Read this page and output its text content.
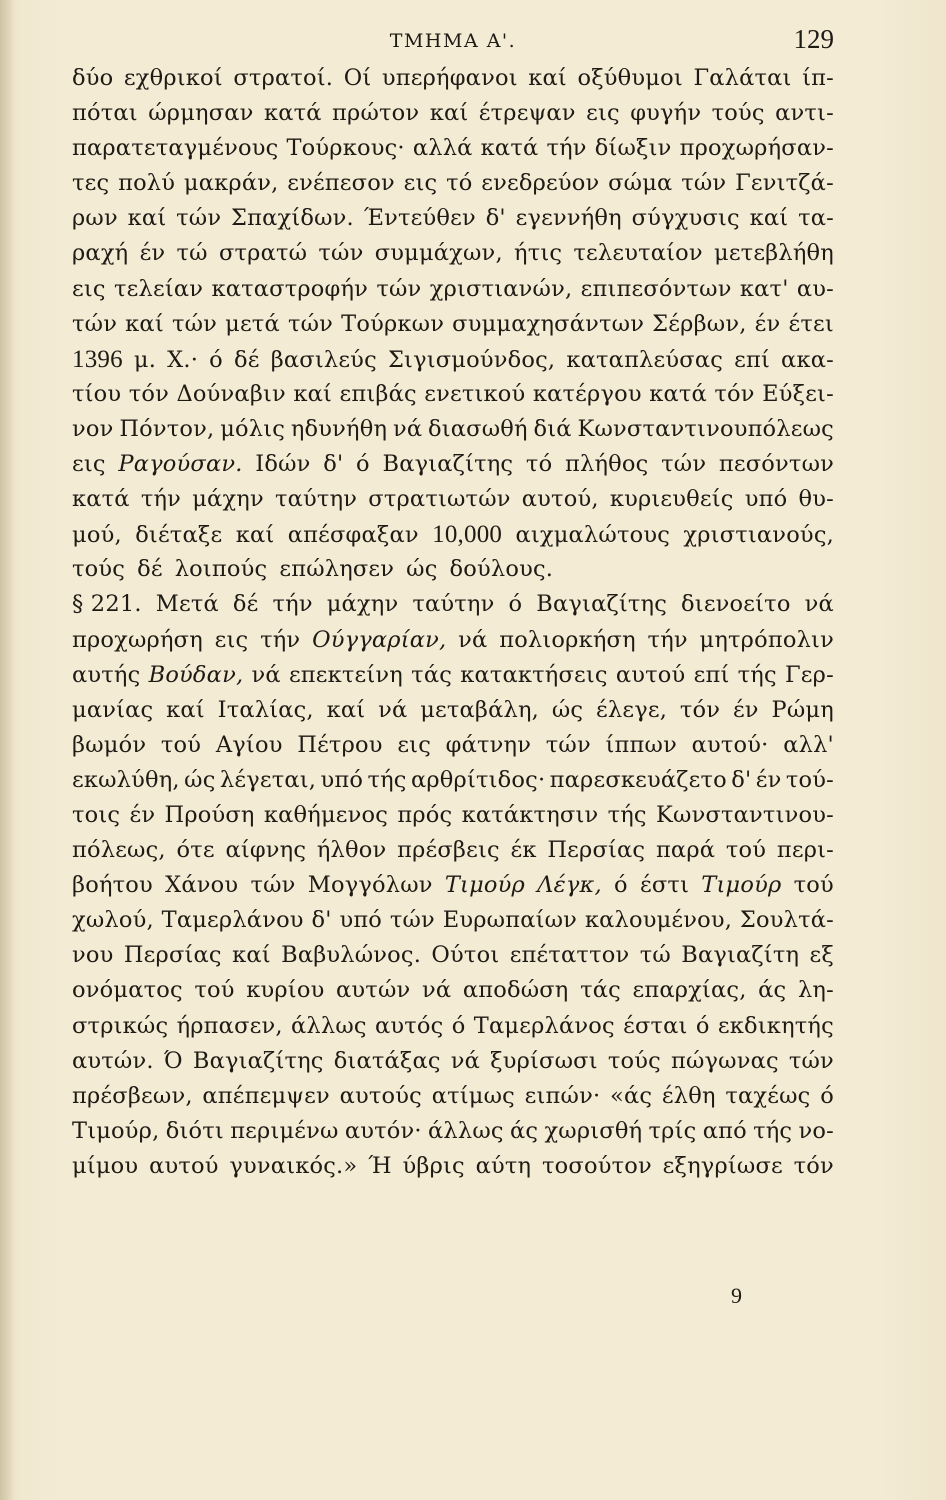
ΤΜΗΜΑ Α'.	129
δύο εχθρικοί στρατοί. Οί υπερήφανοι καί οξύθυμοι Γαλάται ίπ-
πόται ώρμησαν κατά πρώτον καί έτρεψαν εις φυγήν τούς αντι-
παρατεταγμένους Τούρκους· αλλά κατά τήν δίωξιν προχωρήσαν-
τες πολύ μακράν, ενέπεσον εις τό ενεδρεύον σώμα τών Γενιτζά-
ρων καί τών Σπαχίδων. Έντεύθεν δ' εγεννήθη σύγχυσις καί τα-
ραχή έν τώ στρατώ τών συμμάχων, ήτις τελευταίον μετεβλήθη
εις τελείαν καταστροφήν τών χριστιανών, επιπεσόντων κατ' αυ-
τών καί τών μετά τών Τούρκων συμμαχησάντων Σέρβων, έν έτει
1396 μ. Χ.· ό δέ βασιλεύς Σιγισμούνδος, καταπλεύσας επί ακα-
τίου τόν Δούναβιν καί επιβάς ενετικού κατέργου κατά τόν Εύξει-
νον Πόντον, μόλις ηδυνήθη νά διασωθή διά Κωνσταντινουπόλεως
εις Ραγούσαν. Ιδών δ' ό Βαγιαζίτης τό πλήθος τών πεσόντων
κατά τήν μάχην ταύτην στρατιωτών αυτού, κυριευθείς υπό θυ-
μού, διέταξε καί απέσφαξαν 10,000 αιχμαλώτους χριστιανούς,
τούς δέ λοιπούς επώλησεν ώς δούλους.
§ 221. Μετά δέ τήν μάχην ταύτην ό Βαγιαζίτης διενοείτο νά
προχωρήση εις τήν Ούγγαρίαν, νά πολιορκήση τήν μητρόπολιν
αυτής Βούδαν, νά επεκτείνη τάς κατακτήσεις αυτού επί τής Γερ-
μανίας καί Ιταλίας, καί νά μεταβάλη, ώς έλεγε, τόν έν Ρώμη
βωμόν τού Αγίου Πέτρου εις φάτνην τών ίππων αυτού· αλλ'
εκωλύθη, ώς λέγεται, υπό τής αρθρίτιδος· παρεσκευάζετο δ' έν τού-
τοις έν Προύση καθήμενος πρός κατάκτησιν τής Κωνσταντινου-
πόλεως, ότε αίφνης ήλθον πρέσβεις έκ Περσίας παρά τού περι-
βοήτου Χάνου τών Μογγόλων Τιμούρ Λέγκ, ό έστι Τιμούρ τού
χωλού, Ταμερλάνου δ' υπό τών Ευρωπαίων καλουμένου, Σουλτά-
νου Περσίας καί Βαβυλώνος. Ούτοι επέταττον τώ Βαγιαζίτη εξ
ονόματος τού κυρίου αυτών νά αποδώση τάς επαρχίας, άς λη-
στρικώς ήρπασεν, άλλως αυτός ό Ταμερλάνος έσται ό εκδικητής
αυτών. Ό Βαγιαζίτης διατάξας νά ξυρίσωσι τούς πώγωνας τών
πρέσβεων, απέπεμψεν αυτούς ατίμως ειπών· «άς έλθη ταχέως ό
Τιμούρ, διότι περιμένω αυτόν· άλλως άς χωρισθή τρίς από τής νο-
μίμου αυτού γυναικός.» Ή ύβρις αύτη τοσούτον εξηγρίωσε τόν
9
